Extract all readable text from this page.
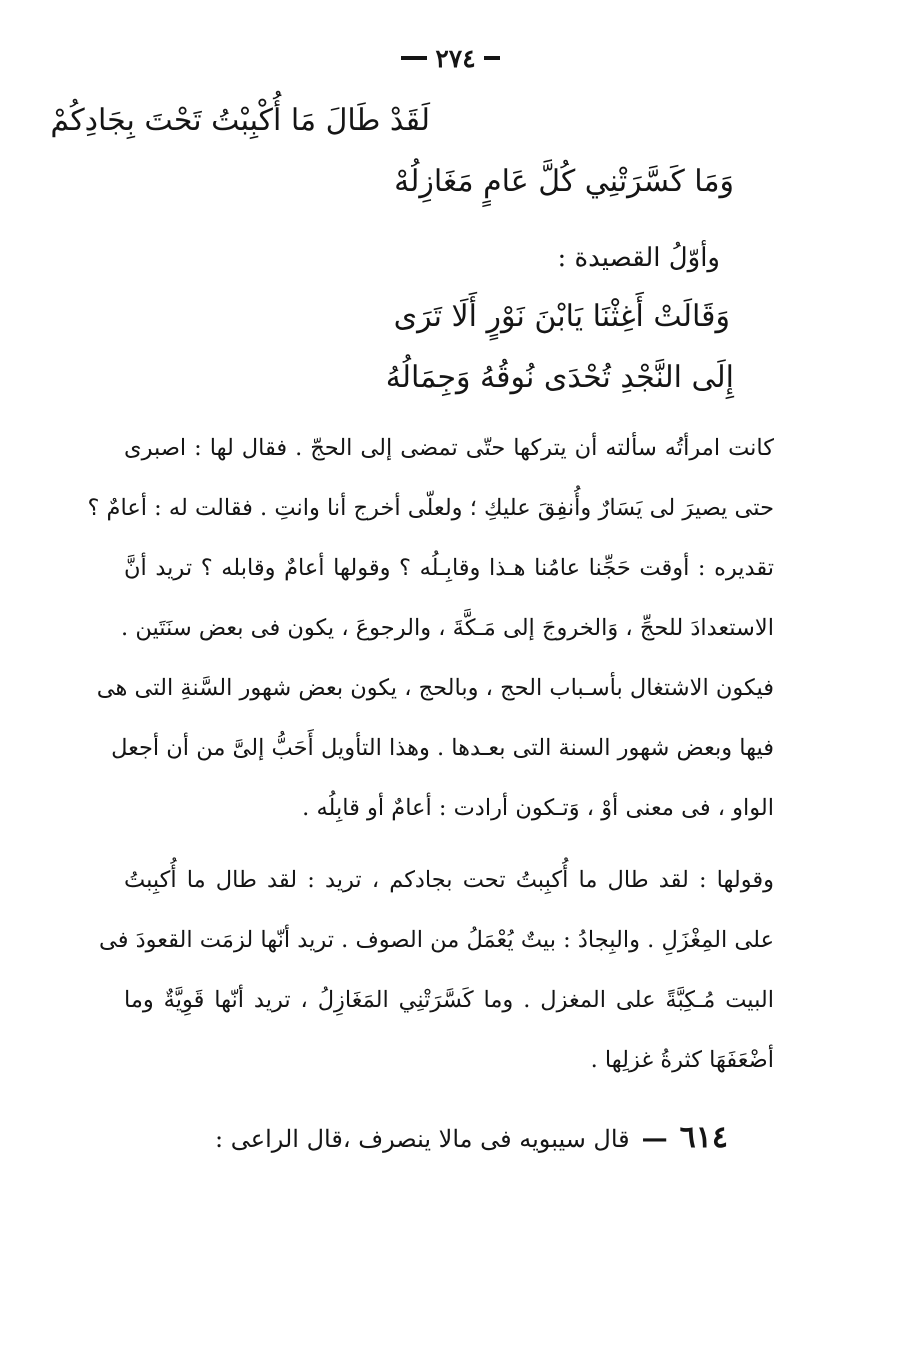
٢٧٤
لَقَدْ طَالَ مَا أُكْبِبْتُ تَحْتَ بِجَادِكُمْ
وَمَا كَسَّرَتْنِي كُلَّ عَامٍ مَغَازِلُهْ
وأوّلُ القصيدة :
وَقَالَتْ أَغِثْنَا يَابْنَ نَوْرٍ أَلَا تَرَى
إِلَى النَّجْدِ تُحْدَى نُوقُهُ وَجِمَالُهُ
كانت امرأتُه سألته أن يتركها حتّى تمضى إلى الحجّ . فقال لها : اصبرى
حتى يصيرَ لى يَسَارٌ وأُنفِقَ عليكِ ؛ ولعلّى أخرج أنا وانتِ . فقالت له : أعامٌ ؟
تقديره : أوقت حَجِّنا عامُنا هـذا وقابِـلُه ؟ وقولها أعامٌ وقابله ؟ تريد أنَّ
الاستعدادَ للحجِّ ، وَالخروجَ إلى مَـكَّةَ ، والرجوعَ ، يكون فى بعض سنَتَين .
فيكون الاشتغال بأسـباب الحج ، وبالحج ، يكون بعض شهور السَّنةِ التى هى
فيها وبعض شهور السنة التى بعـدها . وهذا التأويل أَحَبُّ إلىَّ من أن أجعل
الواو ، فى معنى أوْ ، وَتـكون أرادت : أعامٌ أو قابِلُه .
وقولها : لقد طال ما أُكبِبتُ تحت بجادكم ، تريد : لقد طال ما أُكبِبتُ
على المِغْزَلِ . والبِجادُ : بيتٌ يُعْمَلُ من الصوف . تريد أنّها لزمَت القعودَ فى
البيت مُـكِبَّةً على المغزل . وما كَسَّرَتْنِي المَغَازِلُ ، تريد أنّها قَوِيَّةٌ وما
أضْعَفَهَا كثرةُ غزلِها .
٦١٤
—
قال سيبويه فى مالا ينصرف ،قال الراعى :
